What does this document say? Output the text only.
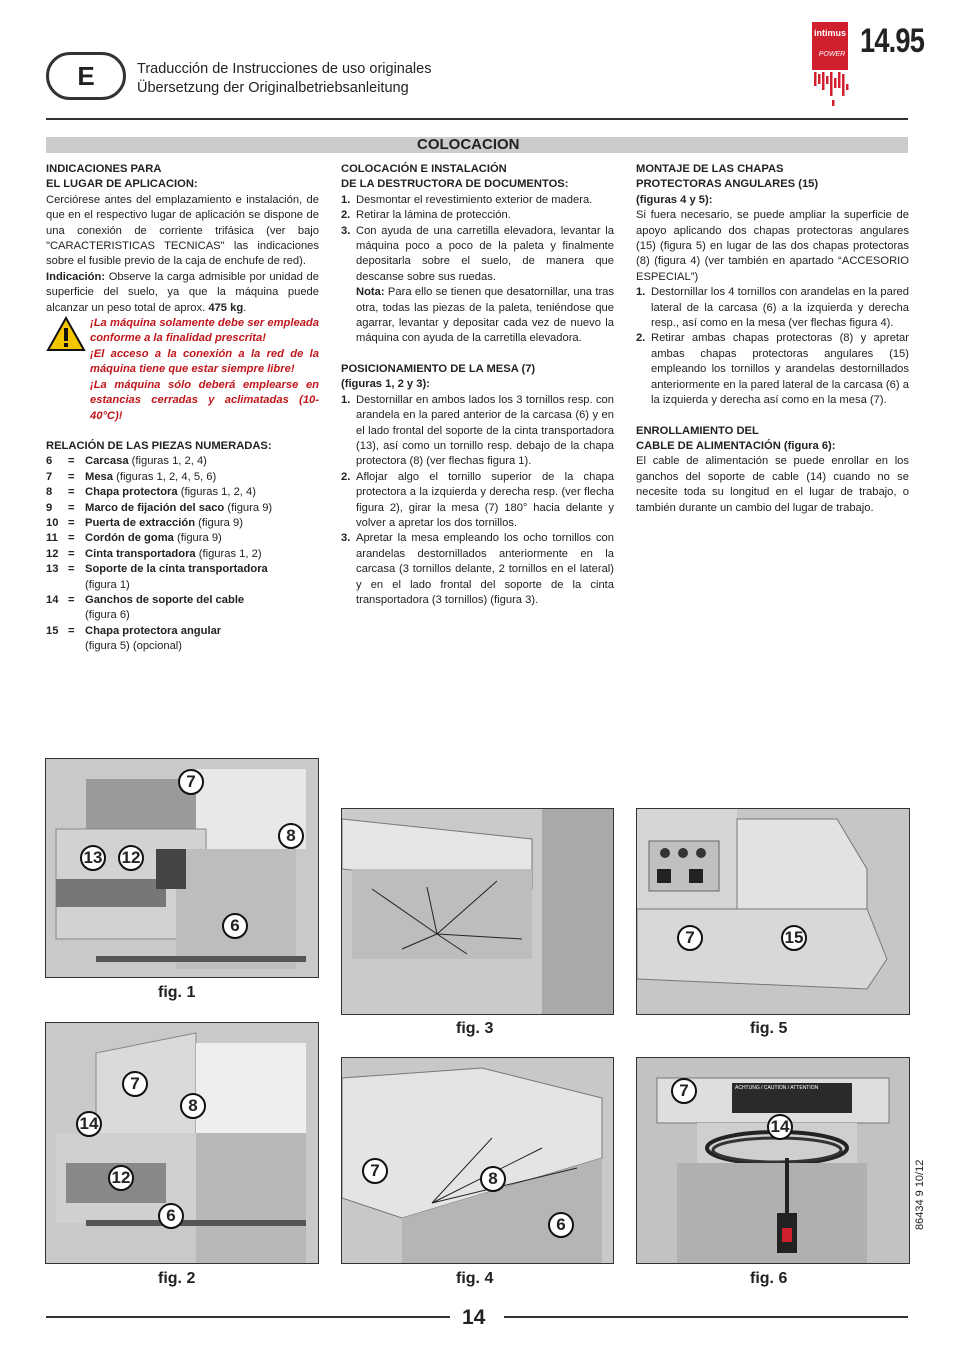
E	Traducción de Instrucciones de uso originales
Übersetzung der Originalbetriebsanleitung
intimus
POWER 14.95
COLOCACION

INDICACIONES PARA

EL LUGAR DE APLICACION:

Cerciórese antes del emplazamiento e instalación, de que en el respectivo lugar de aplicación se dispone de una conexión de corriente trifásica (ver bajo "CARACTERISTICAS TECNICAS" las indicaciones sobre el fusible previo de la caja de enchufe de red).

Indicación: Observe la carga admisible por unidad de superficie del suelo, ya que la máquina puede alcanzar un peso total de aprox. 475 kg.

¡La máquina solamente debe ser empleada conforme a la finalidad prescrita!

¡El acceso a la conexión a la red de la máquina tiene que estar siempre libre!

¡La máquina sólo deberá emplearse en estancias cerradas y aclimatadas (10-40°C)!

RELACIÓN DE LAS PIEZAS NUMERADAS:

6	= Carcasa (figuras 1, 2, 4)
7	= Mesa (figuras 1, 2, 4, 5, 6)
8	= Chapa protectora (figuras 1, 2, 4)
9	= Marco de fijación del saco (figura 9)
10 = Puerta de extracción (figura 9)
11 = Cordón de goma (figura 9)
12 = Cinta transportadora (figuras 1, 2)
13 = Soporte de la cinta transportadora
(figura 1)
14 = Ganchos de soporte del cable
(figura 6)
15 = Chapa protectora angular
(figura 5) (opcional)

COLOCACIÓN E INSTALACIÓN

DE LA DESTRUCTORA DE DOCUMENTOS:

1. Desmontar el revestimiento exterior de madera.
2. Retirar la lámina de protección.
3. Con ayuda de una carretilla elevadora, levantar la máquina poco a poco de la paleta y finalmente depositarla sobre el suelo, de manera que descanse sobre sus ruedas.

Nota: Para ello se tienen que desatornillar, una tras otra, todas las piezas de la paleta, teniéndose que agarrar, levantar y depositar cada vez de nuevo la máquina con ayuda de la carretilla elevadora.

POSICIONAMIENTO DE LA MESA (7)

(figuras 1, 2 y 3):

1. Destornillar en ambos lados los 3 tornillos resp. con arandela en la pared anterior de la carcasa (6) y en el lado frontal del soporte de la cinta transportadora (13), así como un tornillo resp. debajo de la chapa protectora (8) (ver flechas figura 1).
2. Aflojar algo el tornillo superior de la chapa protectora a la izquierda y derecha resp. (ver flecha figura 2), girar la mesa (7) 180° hacia delante y volver a apretar los dos tornillos.
3. Apretar la mesa empleando los ocho tornillos con arandelas destornillados anteriormente en la carcasa (3 tornillos delante, 2 tornillos en el lateral) y en el lado frontal del soporte de la cinta transportadora (3 tornillos) (figura 3).

MONTAJE DE LAS CHAPAS

PROTECTORAS ANGULARES (15)

(figuras 4 y 5):

Si fuera necesario, se puede ampliar la superficie de apoyo aplicando dos chapas protectoras angulares (15) (figura 5) en lugar de las dos chapas protectoras (8) (figura 4) (ver también en apartado “ACCESORIO ESPECIAL”)

1. Destornillar los 4 tornillos con arandelas en la pared lateral de la carcasa (6) a la izquierda y derecha resp., así como en la mesa (ver flechas figura 4).
2. Retirar ambas chapas protectoras (8) y apretar ambas chapas protectoras angulares (15) empleando los tornillos y arandelas destornillados anteriormente en la pared lateral de la carcasa (6) a la izquierda y derecha así como en la mesa (7).

ENROLLAMIENTO DEL

CABLE DE ALIMENTACIÓN (figura 6):

El cable de alimentación se puede enrollar en los ganchos del soporte de cable (14) cuando no se necesite toda su longitud en el lugar de trabajo, o también durante un cambio del lugar de trabajo.

7
8
13 12
6
fig. 1
7
8
14
12
6
fig. 2
fig. 3
7	8
6
fig. 4
7	15
fig. 5
ACHTUNG / CAUTION / ATTENTION
7
14
fig. 6
86434 9 10/12
14
